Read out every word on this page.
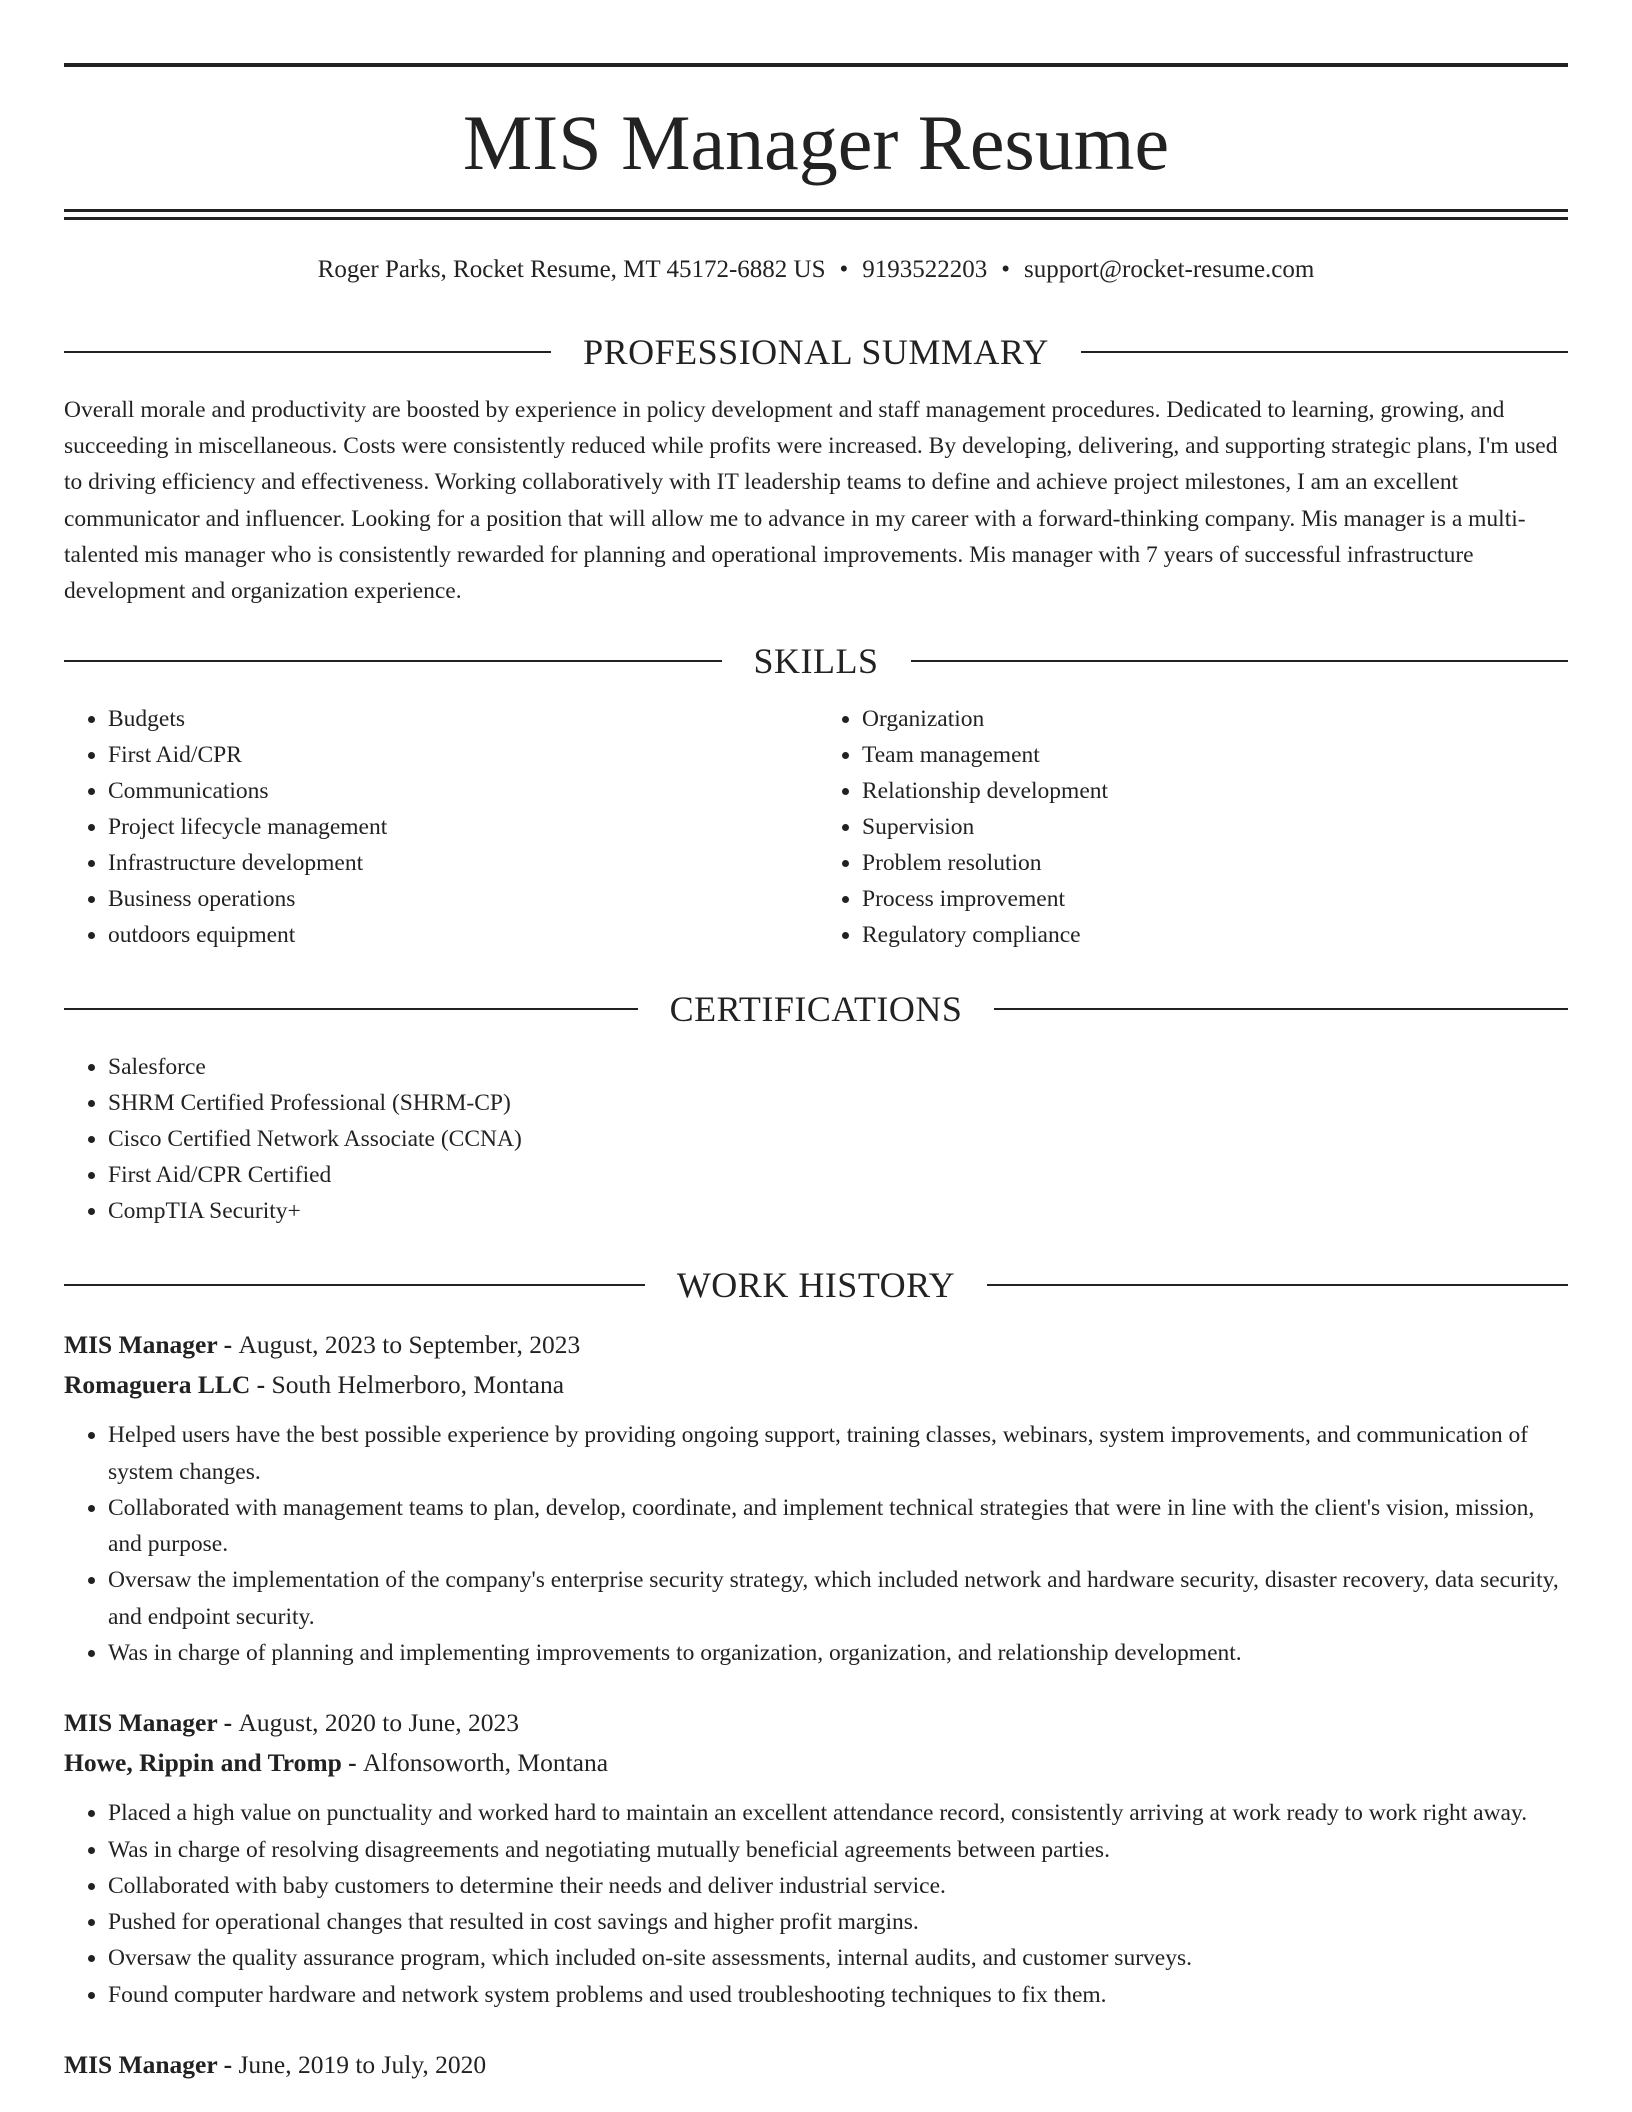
MIS Manager Resume
Roger Parks, Rocket Resume, MT 45172-6882 US • 9193522203 • support@rocket-resume.com
PROFESSIONAL SUMMARY

Overall morale and productivity are boosted by experience in policy development and staff management procedures. Dedicated to learning, growing, and succeeding in miscellaneous. Costs were consistently reduced while profits were increased. By developing, delivering, and supporting strategic plans, I'm used to driving efficiency and effectiveness. Working collaboratively with IT leadership teams to define and achieve project milestones, I am an excellent communicator and influencer. Looking for a position that will allow me to advance in my career with a forward-thinking company. Mis manager is a multi-talented mis manager who is consistently rewarded for planning and operational improvements. Mis manager with 7 years of successful infrastructure development and organization experience.

SKILLS
• Budgets
• First Aid/CPR
• Communications
• Project lifecycle management
• Infrastructure development
• Business operations
• outdoors equipment
• Organization
• Team management
• Relationship development
• Supervision
• Problem resolution
• Process improvement
• Regulatory compliance
CERTIFICATIONS
• Salesforce
• SHRM Certified Professional (SHRM-CP)
• Cisco Certified Network Associate (CCNA)
• First Aid/CPR Certified
• CompTIA Security+
WORK HISTORY
MIS Manager - August, 2023 to September, 2023
Romaguera LLC - South Helmerboro, Montana
• Helped users have the best possible experience by providing ongoing support, training classes, webinars, system improvements, and communication of system changes.
• Collaborated with management teams to plan, develop, coordinate, and implement technical strategies that were in line with the client's vision, mission, and purpose.
• Oversaw the implementation of the company's enterprise security strategy, which included network and hardware security, disaster recovery, data security, and endpoint security.
• Was in charge of planning and implementing improvements to organization, organization, and relationship development.
MIS Manager - August, 2020 to June, 2023
Howe, Rippin and Tromp - Alfonsoworth, Montana
• Placed a high value on punctuality and worked hard to maintain an excellent attendance record, consistently arriving at work ready to work right away.
• Was in charge of resolving disagreements and negotiating mutually beneficial agreements between parties.
• Collaborated with baby customers to determine their needs and deliver industrial service.
• Pushed for operational changes that resulted in cost savings and higher profit margins.
• Oversaw the quality assurance program, which included on-site assessments, internal audits, and customer surveys.
• Found computer hardware and network system problems and used troubleshooting techniques to fix them.
MIS Manager - June, 2019 to July, 2020
